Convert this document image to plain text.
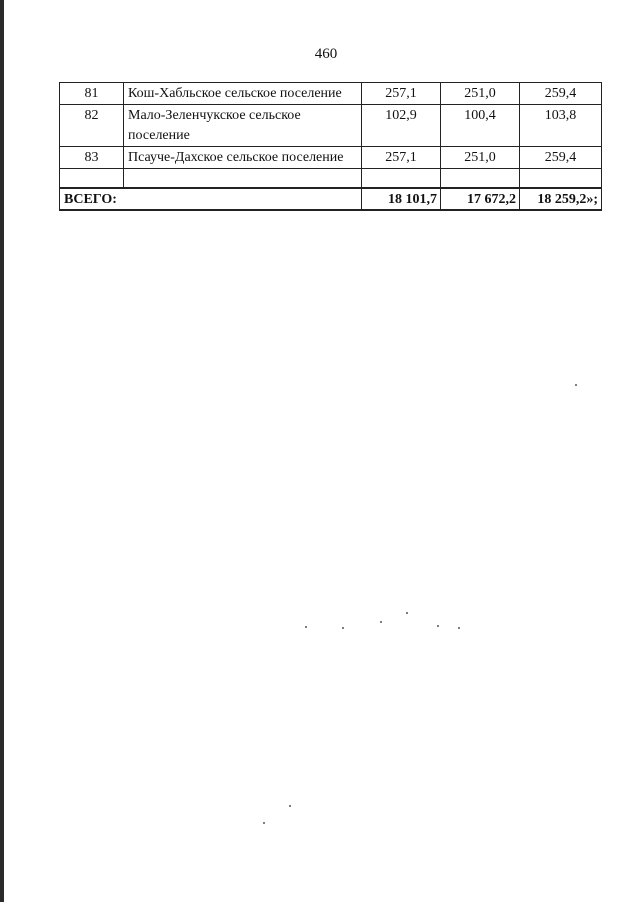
460
81	Кош-Хабльское сельское поселение	257,1	251,0	259,4
82	Мало-Зеленчукское сельское поселение	102,9	100,4	103,8
83	Псауче-Дахское сельское поселение	257,1	251,0	259,4

ВСЕГО:		18 101,7	17 672,2	18 259,2»;
